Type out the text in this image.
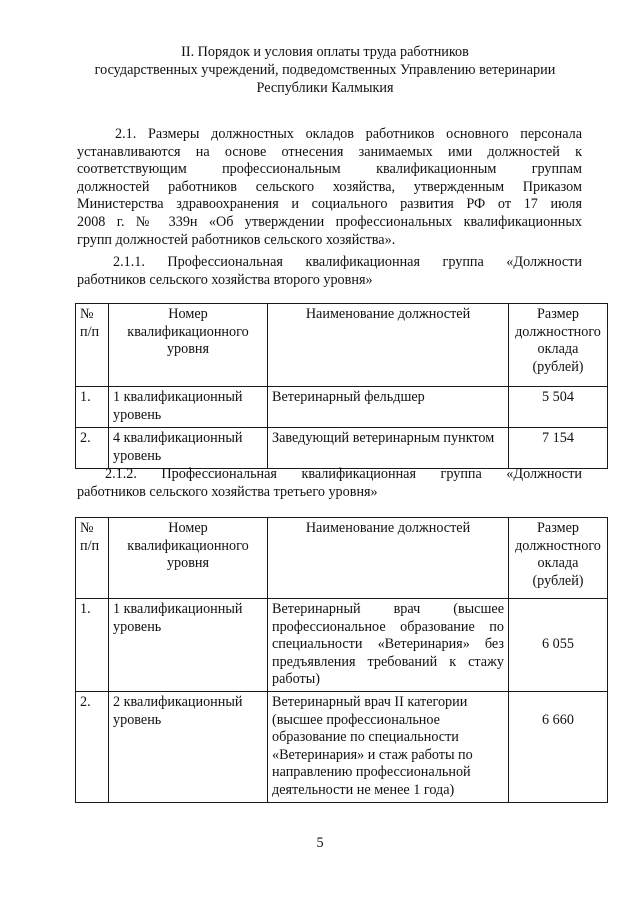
II. Порядок и условия оплаты труда работников
государственных учреждений, подведомственных Управлению ветеринарии
Республики Калмыкия
2.1. Размеры должностных окладов работников основного персонала
устанавливаются на основе отнесения занимаемых ими должностей к
соответствующим профессиональным квалификационным группам
должностей работников сельского хозяйства, утвержденным Приказом
Министерства здравоохранения и социального развития РФ от 17 июля
2008 г. № 339н «Об утверждении профессиональных квалификационных
групп должностей работников сельского хозяйства».
2.1.1. Профессиональная квалификационная группа «Должности
работников сельского хозяйства второго уровня»
№ п/п	Номер квалификационного уровня	Наименование должностей	Размер должностного оклада (рублей)
1.	1 квалификационный уровень	Ветеринарный фельдшер	5 504
2.	4 квалификационный уровень	Заведующий ветеринарным пунктом	7 154
2.1.2. Профессиональная квалификационная группа «Должности
работников сельского хозяйства третьего уровня»
№ п/п	Номер квалификационного уровня	Наименование должностей	Размер должностного оклада (рублей)
1.	1 квалификационный уровень	Ветеринарный врач (высшее профессиональное образование по специальности «Ветеринария» без предъявления требований к стажу работы)	6 055
2.	2 квалификационный уровень	Ветеринарный врач II категории (высшее профессиональное образование по специальности «Ветеринария» и стаж работы по направлению профессиональной деятельности не менее 1 года)	6 660
5
